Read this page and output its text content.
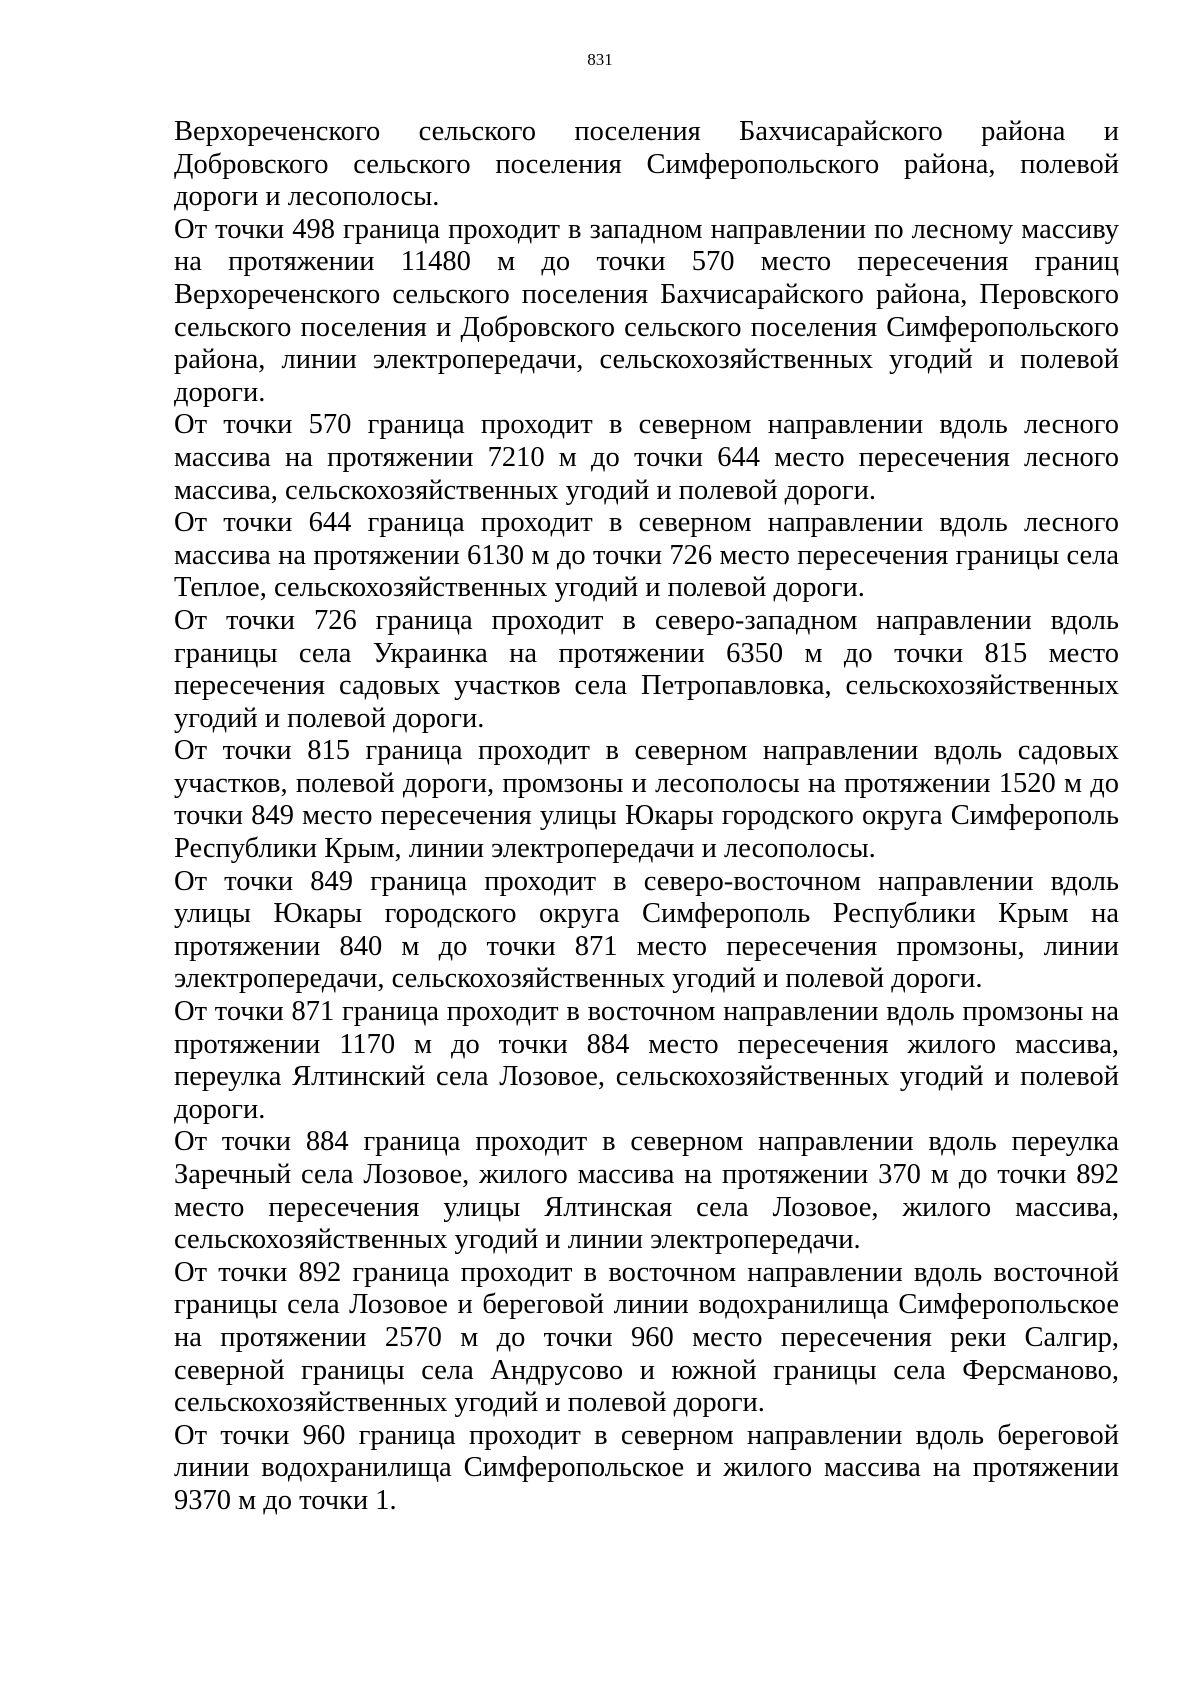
831

Верхореченского сельского поселения Бахчисарайского района и Добровского сельского поселения Симферопольского района, полевой дороги и лесополосы.

От точки 498 граница проходит в западном направлении по лесному массиву на протяжении 11480 м до точки 570 место пересечения границ Верхореченского сельского поселения Бахчисарайского района, Перовского сельского поселения и Добровского сельского поселения Симферопольского района, линии электропередачи, сельскохозяйственных угодий и полевой дороги.

От точки 570 граница проходит в северном направлении вдоль лесного массива на протяжении 7210 м до точки 644 место пересечения лесного массива, сельскохозяйственных угодий и полевой дороги.

От точки 644 граница проходит в северном направлении вдоль лесного массива на протяжении 6130 м до точки 726 место пересечения границы села Теплое, сельскохозяйственных угодий и полевой дороги.

От точки 726 граница проходит в северо-западном направлении вдоль границы села Украинка на протяжении 6350 м до точки 815 место пересечения садовых участков села Петропавловка, сельскохозяйственных угодий и полевой дороги.

От точки 815 граница проходит в северном направлении вдоль садовых участков, полевой дороги, промзоны и лесополосы на протяжении 1520 м до точки 849 место пересечения улицы Юкары городского округа Симферополь Республики Крым, линии электропередачи и лесополосы.

От точки 849 граница проходит в северо-восточном направлении вдоль улицы Юкары городского округа Симферополь Республики Крым на протяжении 840 м до точки 871 место пересечения промзоны, линии электропередачи, сельскохозяйственных угодий и полевой дороги.

От точки 871 граница проходит в восточном направлении вдоль промзоны на протяжении 1170 м до точки 884 место пересечения жилого массива, переулка Ялтинский села Лозовое, сельскохозяйственных угодий и полевой дороги.

От точки 884 граница проходит в северном направлении вдоль переулка Заречный села Лозовое, жилого массива на протяжении 370 м до точки 892 место пересечения улицы Ялтинская села Лозовое, жилого массива, сельскохозяйственных угодий и линии электропередачи.

От точки 892 граница проходит в восточном направлении вдоль восточной границы села Лозовое и береговой линии водохранилища Симферопольское на протяжении 2570 м до точки 960 место пересечения реки Салгир, северной границы села Андрусово и южной границы села Ферсманово, сельскохозяйственных угодий и полевой дороги.

От точки 960 граница проходит в северном направлении вдоль береговой линии водохранилища Симферопольское и жилого массива на протяжении 9370 м до точки 1.
